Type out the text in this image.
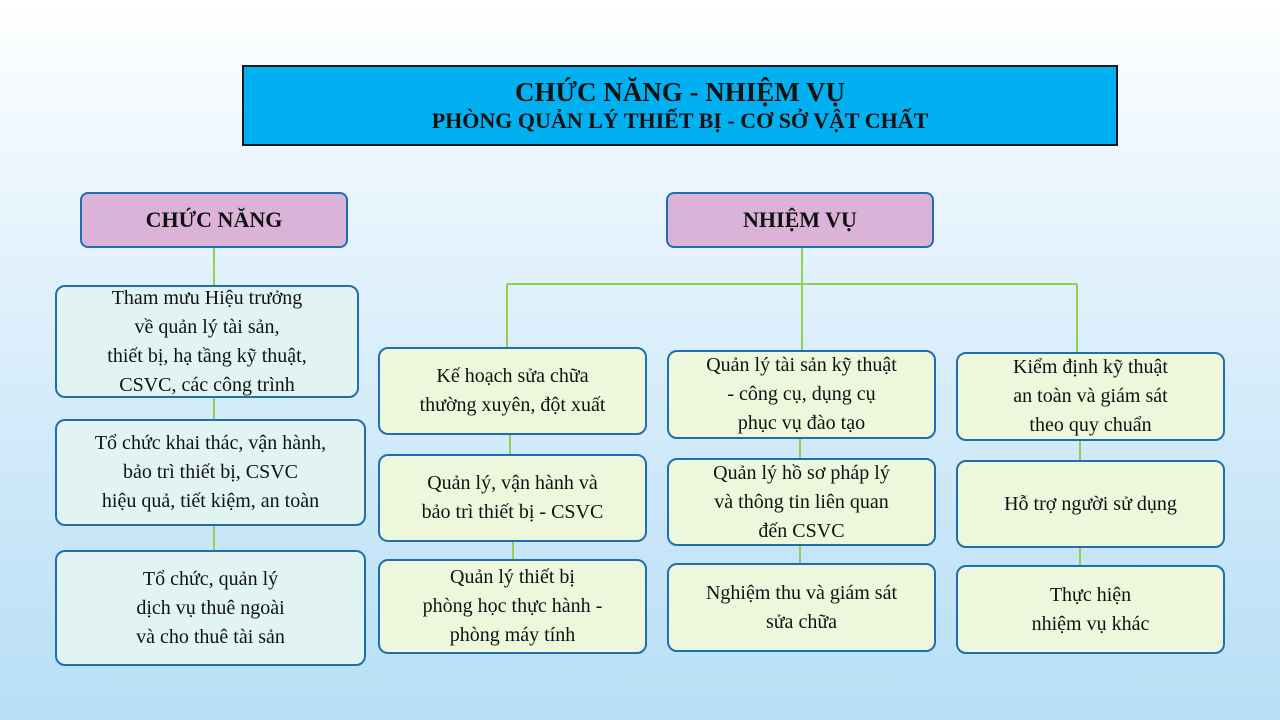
CHỨC NĂNG - NHIỆM VỤ
PHÒNG QUẢN LÝ THIẾT BỊ - CƠ SỞ VẬT CHẤT
CHỨC NĂNG	NHIỆM VỤ
Tham mưu Hiệu trưởng
về quản lý tài sản,
thiết bị, hạ tầng kỹ thuật,
CSVC, các công trình
Tổ chức khai thác, vận hành,
bảo trì thiết bị, CSVC
hiệu quả, tiết kiệm, an toàn
Tổ chức, quản lý
dịch vụ thuê ngoài
và cho thuê tài sản
Kế hoạch sửa chữa
thường xuyên, đột xuất
Quản lý, vận hành và
bảo trì thiết bị - CSVC
Quản lý thiết bị
phòng học thực hành -
phòng máy tính
Quản lý tài sản kỹ thuật
- công cụ, dụng cụ
phục vụ đào tạo
Quản lý hồ sơ pháp lý
và thông tin liên quan
đến CSVC
Nghiệm thu và giám sát
sửa chữa
Kiểm định kỹ thuật
an toàn và giám sát
theo quy chuẩn
Hỗ trợ người sử dụng
Thực hiện
nhiệm vụ khác
